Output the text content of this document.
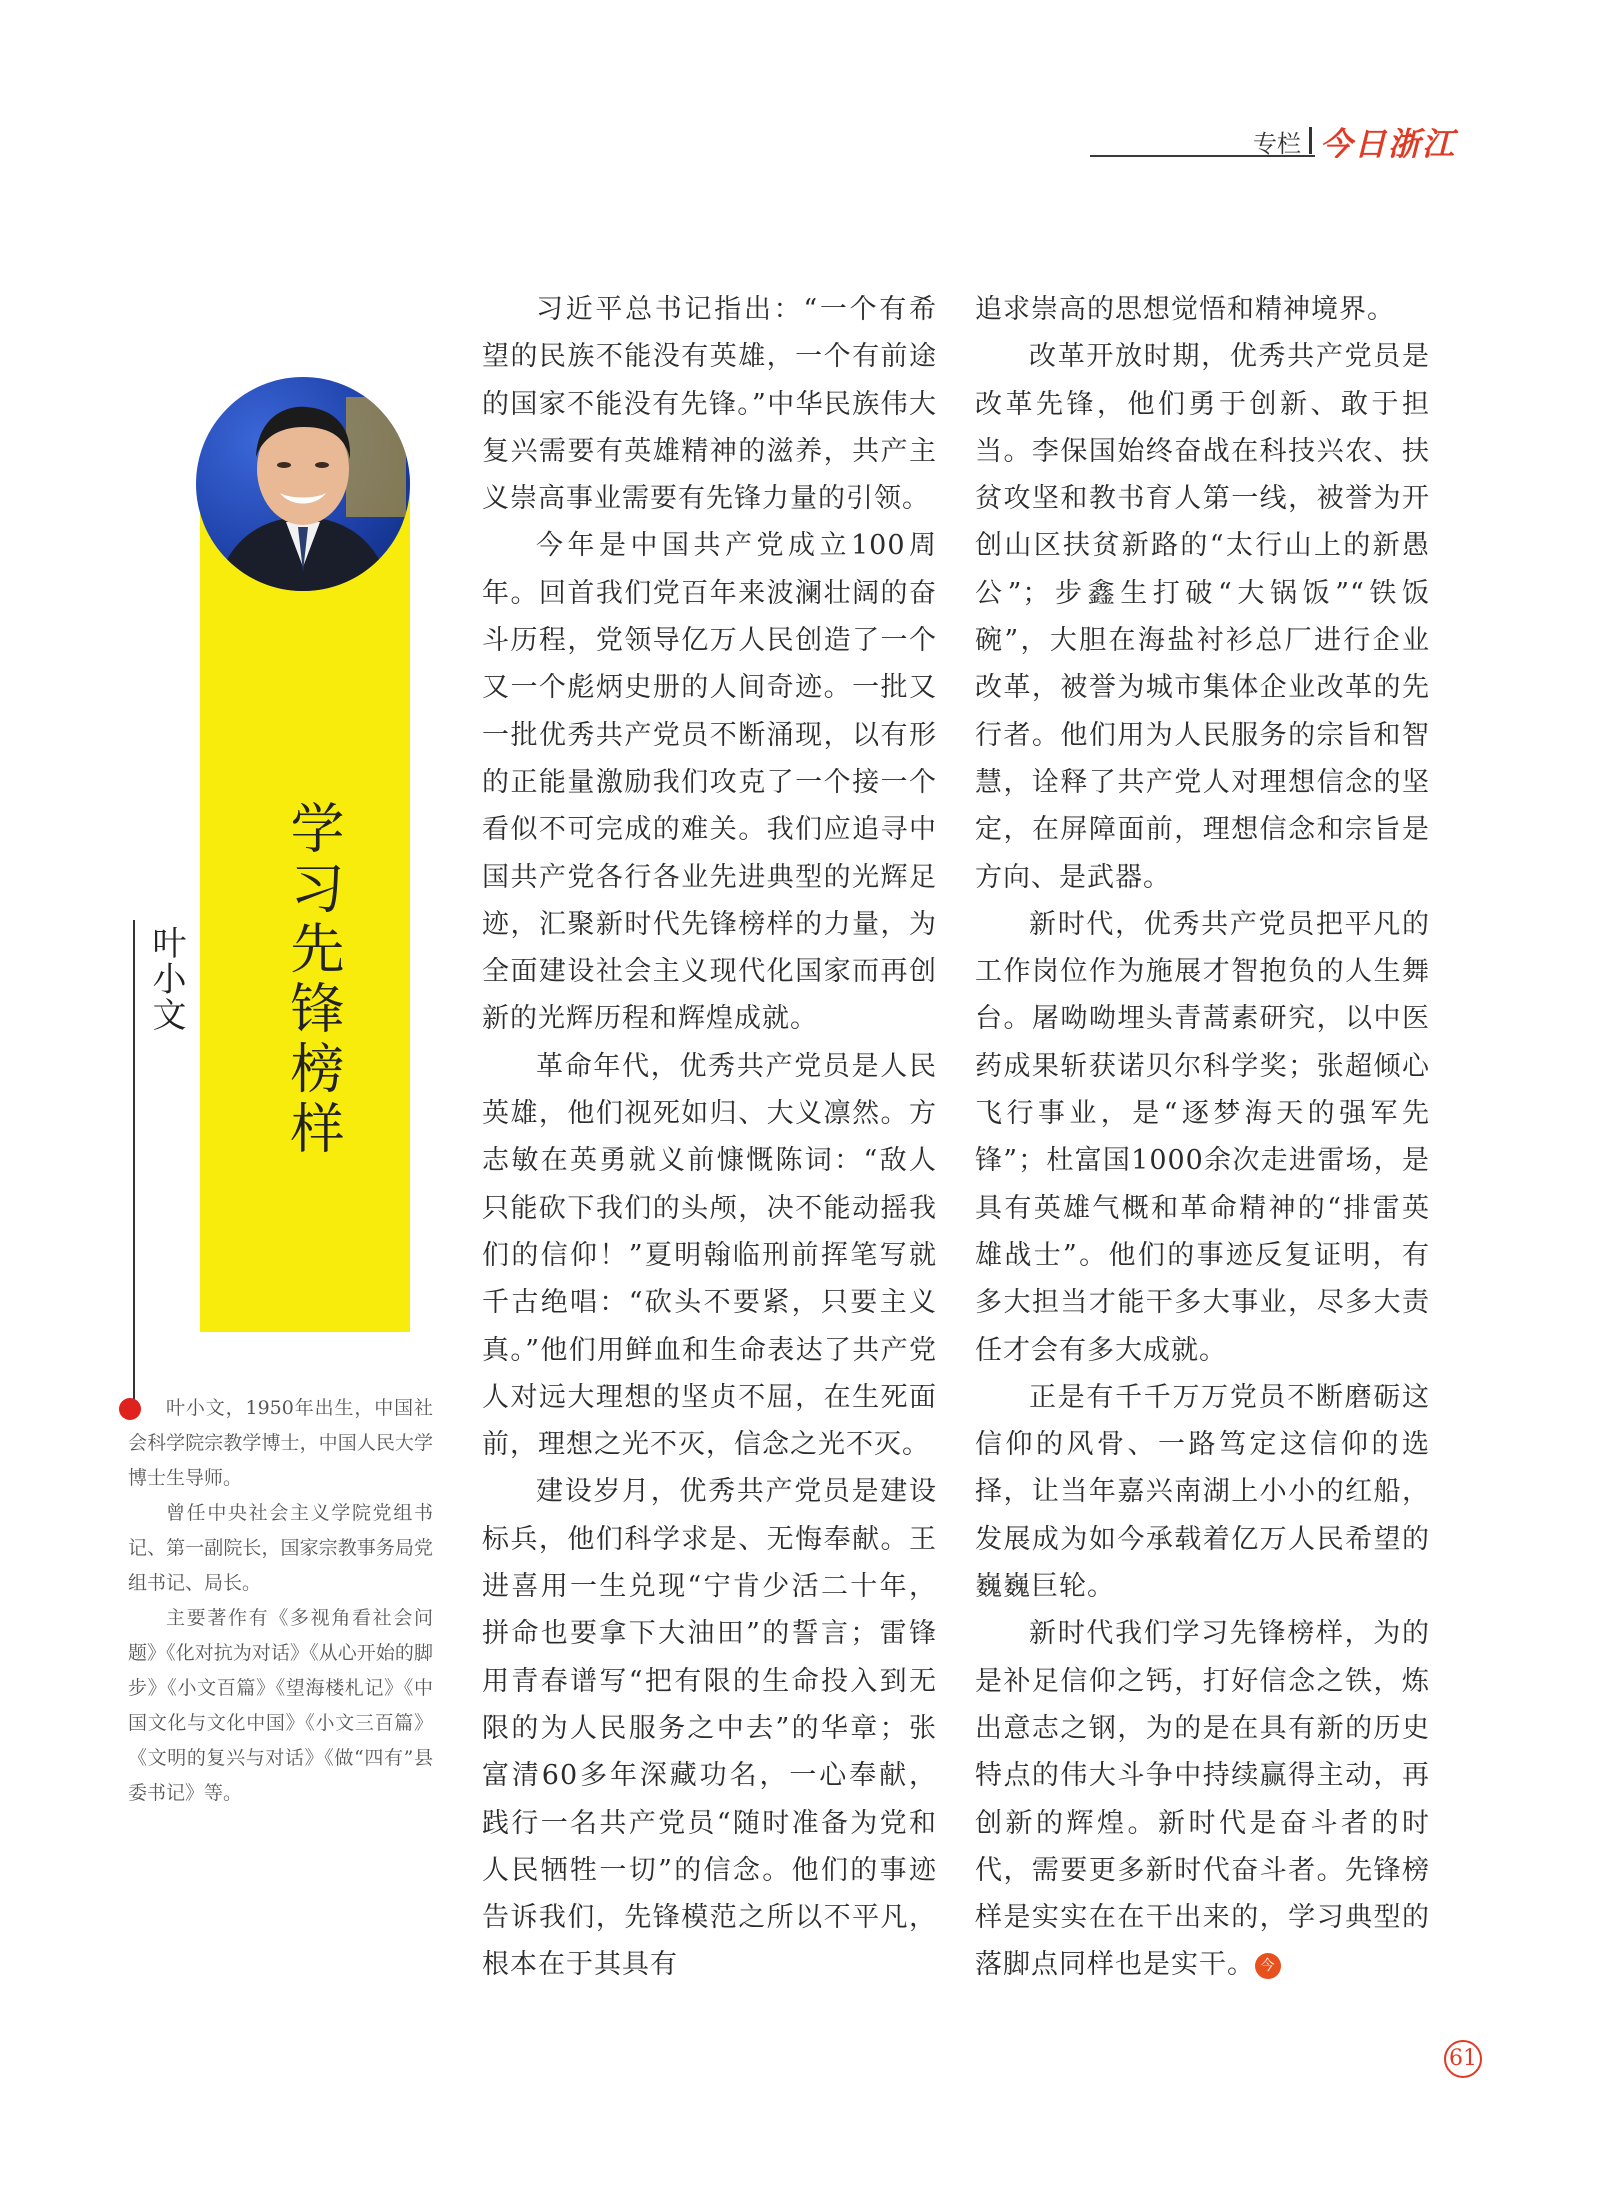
专栏 今日浙江
学习先锋榜样
叶小文

叶小文，1950年出生，中国社会科学院宗教学博士，中国人民大学博士生导师。

曾任中央社会主义学院党组书记、第一副院长，国家宗教事务局党组书记、局长。

主要著作有《多视角看社会问题》《化对抗为对话》《从心开始的脚步》《小文百篇》《望海楼札记》《中国文化与文化中国》《小文三百篇》《文明的复兴与对话》《做“四有”县委书记》等。

习近平总书记指出：“一个有希望的民族不能没有英雄，一个有前途的国家不能没有先锋。”中华民族伟大复兴需要有英雄精神的滋养，共产主义崇高事业需要有先锋力量的引领。

今年是中国共产党成立100周年。回首我们党百年来波澜壮阔的奋斗历程，党领导亿万人民创造了一个又一个彪炳史册的人间奇迹。一批又一批优秀共产党员不断涌现，以有形的正能量激励我们攻克了一个接一个看似不可完成的难关。我们应追寻中国共产党各行各业先进典型的光辉足迹，汇聚新时代先锋榜样的力量，为全面建设社会主义现代化国家而再创新的光辉历程和辉煌成就。

革命年代，优秀共产党员是人民英雄，他们视死如归、大义凛然。方志敏在英勇就义前慷慨陈词：“敌人只能砍下我们的头颅，决不能动摇我们的信仰！”夏明翰临刑前挥笔写就千古绝唱：“砍头不要紧，只要主义真。”他们用鲜血和生命表达了共产党人对远大理想的坚贞不屈，在生死面前，理想之光不灭，信念之光不灭。

建设岁月，优秀共产党员是建设标兵，他们科学求是、无悔奉献。王进喜用一生兑现“宁肯少活二十年，拼命也要拿下大油田”的誓言；雷锋用青春谱写“把有限的生命投入到无限的为人民服务之中去”的华章；张富清60多年深藏功名，一心奉献，践行一名共产党员“随时准备为党和人民牺牲一切”的信念。他们的事迹告诉我们，先锋模范之所以不平凡，根本在于其具有

追求崇高的思想觉悟和精神境界。

改革开放时期，优秀共产党员是改革先锋，他们勇于创新、敢于担当。李保国始终奋战在科技兴农、扶贫攻坚和教书育人第一线，被誉为开创山区扶贫新路的“太行山上的新愚公”；步鑫生打破“大锅饭”“铁饭碗”，大胆在海盐衬衫总厂进行企业改革，被誉为城市集体企业改革的先行者。他们用为人民服务的宗旨和智慧，诠释了共产党人对理想信念的坚定，在屏障面前，理想信念和宗旨是方向、是武器。

新时代，优秀共产党员把平凡的工作岗位作为施展才智抱负的人生舞台。屠呦呦埋头青蒿素研究，以中医药成果斩获诺贝尔科学奖；张超倾心飞行事业，是“逐梦海天的强军先锋”；杜富国1000余次走进雷场，是具有英雄气概和革命精神的“排雷英雄战士”。他们的事迹反复证明，有多大担当才能干多大事业，尽多大责任才会有多大成就。

正是有千千万万党员不断磨砺这信仰的风骨、一路笃定这信仰的选择，让当年嘉兴南湖上小小的红船，发展成为如今承载着亿万人民希望的巍巍巨轮。

新时代我们学习先锋榜样，为的是补足信仰之钙，打好信念之铁，炼出意志之钢，为的是在具有新的历史特点的伟大斗争中持续赢得主动，再创新的辉煌。新时代是奋斗者的时代，需要更多新时代奋斗者。先锋榜样是实实在在干出来的，学习典型的落脚点同样也是实干。 今

61
